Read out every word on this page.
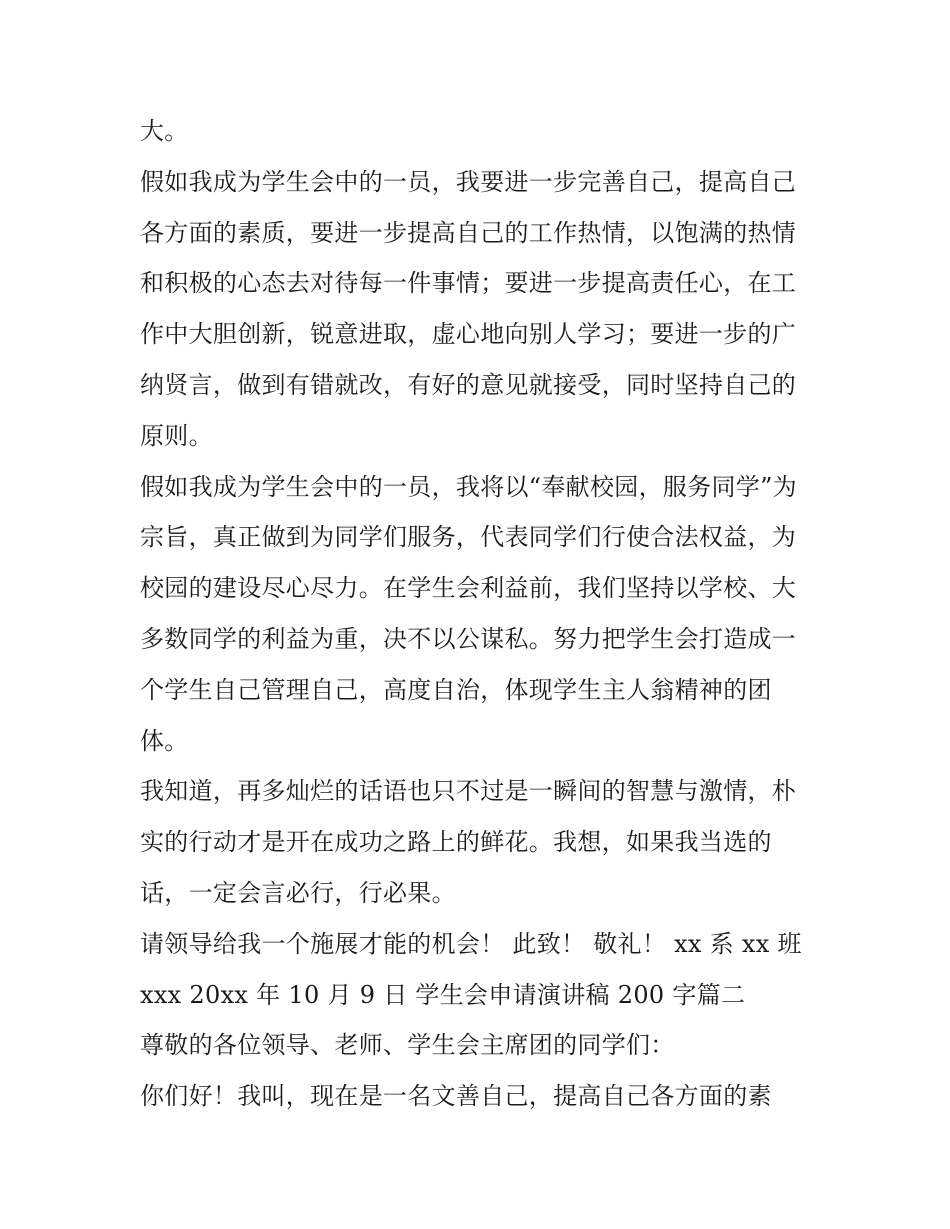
大。
假如我成为学生会中的一员，我要进一步完善自己，提高自己
各方面的素质，要进一步提高自己的工作热情，以饱满的热情
和积极的心态去对待每一件事情；要进一步提高责任心，在工
作中大胆创新，锐意进取，虚心地向别人学习；要进一步的广
纳贤言，做到有错就改，有好的意见就接受，同时坚持自己的
原则。
假如我成为学生会中的一员，我将以“奉献校园，服务同学”为
宗旨，真正做到为同学们服务，代表同学们行使合法权益，为
校园的建设尽心尽力。在学生会利益前，我们坚持以学校、大
多数同学的利益为重，决不以公谋私。努力把学生会打造成一
个学生自己管理自己，高度自治，体现学生主人翁精神的团
体。
我知道，再多灿烂的话语也只不过是一瞬间的智慧与激情，朴
实的行动才是开在成功之路上的鲜花。我想，如果我当选的
话，一定会言必行，行必果。
请领导给我一个施展才能的机会！ 此致！ 敬礼！ xx 系 xx 班
xxx 20xx 年 10 月 9 日 学生会申请演讲稿 200 字篇二
尊敬的各位领导、老师、学生会主席团的同学们：
你们好！我叫，现在是一名文善自己，提高自己各方面的素
